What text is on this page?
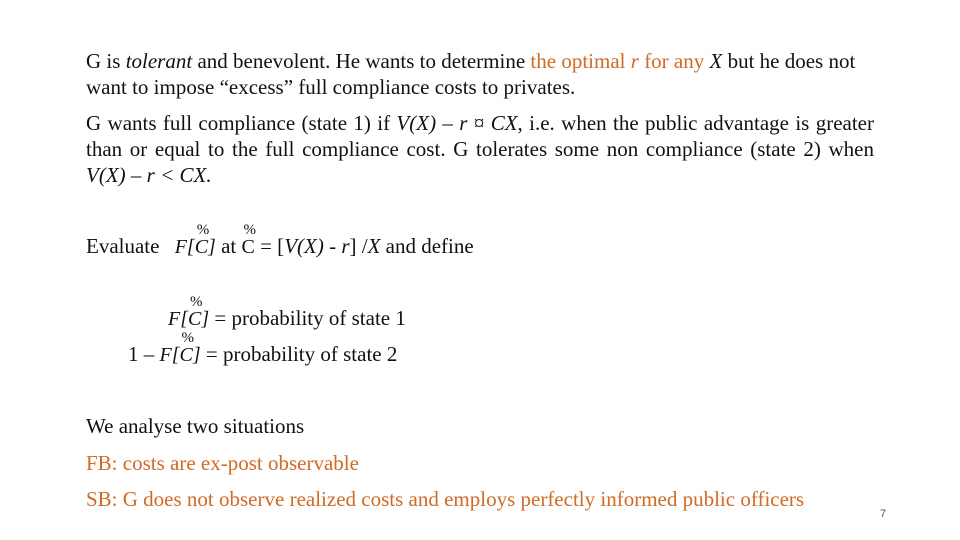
G is tolerant and benevolent. He wants to determine the optimal r for any X but he does not want to impose “excess” full compliance costs to privates.
G wants full compliance (state 1) if V(X) – r ¤ CX, i.e. when the public advantage is greater than or equal to the full compliance cost. G tolerates some non compliance (state 2) when V(X) – r < CX.
Evaluate F[C]
%
at C
%
= [V(X) - r] /X and define
F[C]
%
= probability of state 1
1 – F[C]
%
= probability of state 2
We analyse two situations
FB: costs are ex-post observable
SB: G does not observe realized costs and employs perfectly informed public officers
7
